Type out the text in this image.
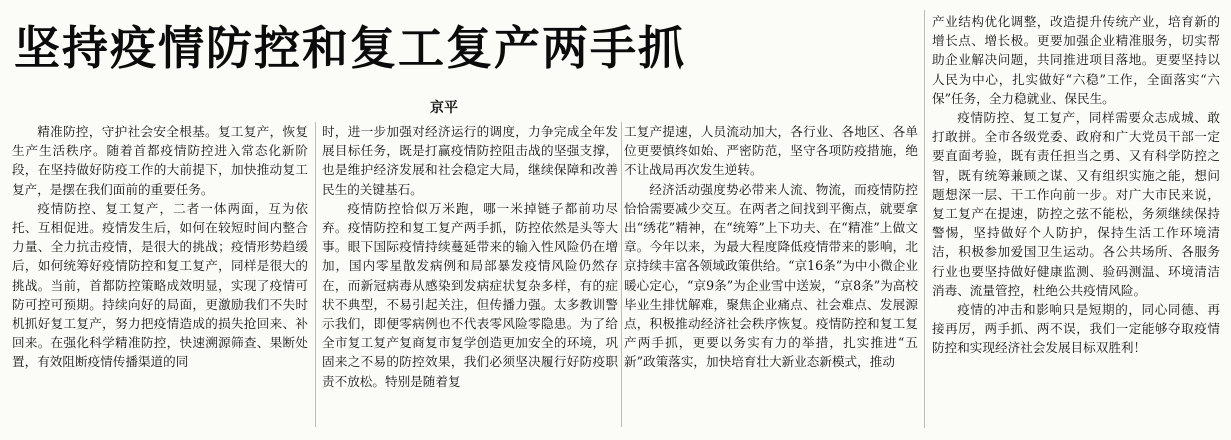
坚持疫情防控和复工复产两手抓
京平

精准防控，守护社会安全根基。复工复产，恢复生产生活秩序。随着首都疫情防控进入常态化新阶段，在坚持做好防疫工作的大前提下，加快推动复工复产，是摆在我们面前的重要任务。

疫情防控、复工复产，二者一体两面，互为依托、互相促进。疫情发生后，如何在较短时间内整合力量、全力抗击疫情，是很大的挑战；疫情形势趋缓后，如何统筹好疫情防控和复工复产，同样是很大的挑战。当前，首都防控策略成效明显，实现了疫情可防可控可预期。持续向好的局面，更激励我们不失时机抓好复工复产，努力把疫情造成的损失抢回来、补回来。在强化科学精准防控，快速溯源筛查、果断处置，有效阻断疫情传播渠道的同

时，进一步加强对经济运行的调度，力争完成全年发展目标任务，既是打赢疫情防控阻击战的坚强支撑，也是维护经济发展和社会稳定大局，继续保障和改善民生的关键基石。

疫情防控恰似万米跑，哪一米掉链子都前功尽弃。疫情防控和复工复产两手抓，防控依然是头等大事。眼下国际疫情持续蔓延带来的输入性风险仍在增加，国内零星散发病例和局部暴发疫情风险仍然存在，而新冠病毒从感染到发病症状复杂多样，有的症状不典型，不易引起关注，但传播力强。太多教训警示我们，即便零病例也不代表零风险零隐患。为了给全市复工复产复商复市复学创造更加安全的环境，巩固来之不易的防控效果，我们必须坚决履行好防疫职责不放松。特别是随着复

工复产提速，人员流动加大，各行业、各地区、各单位更要慎终如始、严密防范，坚守各项防疫措施，绝不让战局再次发生逆转。

经济活动强度势必带来人流、物流，而疫情防控恰恰需要减少交互。在两者之间找到平衡点，就要拿出“绣花”精神，在“统筹”上下功夫、在“精准”上做文章。今年以来，为最大程度降低疫情带来的影响，北京持续丰富各领域政策供给。“京16条”为中小微企业暖心定心，“京9条”为企业雪中送炭，“京8条”为高校毕业生排忧解难，聚焦企业痛点、社会难点、发展源点，积极推动经济社会秩序恢复。疫情防控和复工复产两手抓，更要以务实有力的举措，扎实推进“五新”政策落实，加快培育壮大新业态新模式，推动

产业结构优化调整，改造提升传统产业，培育新的增长点、增长极。更要加强企业精准服务，切实帮助企业解决问题，共同推进项目落地。更要坚持以人民为中心，扎实做好“六稳”工作，全面落实“六保”任务，全力稳就业、保民生。

疫情防控、复工复产，同样需要众志成城、敢打敢拼。全市各级党委、政府和广大党员干部一定要直面考验，既有责任担当之勇、又有科学防控之智，既有统筹兼顾之谋、又有组织实施之能，想问题想深一层、干工作向前一步。对广大市民来说，复工复产在提速，防控之弦不能松，务须继续保持警惕，坚持做好个人防护，保持生活工作环境清洁，积极参加爱国卫生运动。各公共场所、各服务行业也要坚持做好健康监测、验码测温、环境清洁消毒、流量管控，杜绝公共疫情风险。

疫情的冲击和影响只是短期的，同心同德、再接再厉，两手抓、两不误，我们一定能够夺取疫情防控和实现经济社会发展目标双胜利！
